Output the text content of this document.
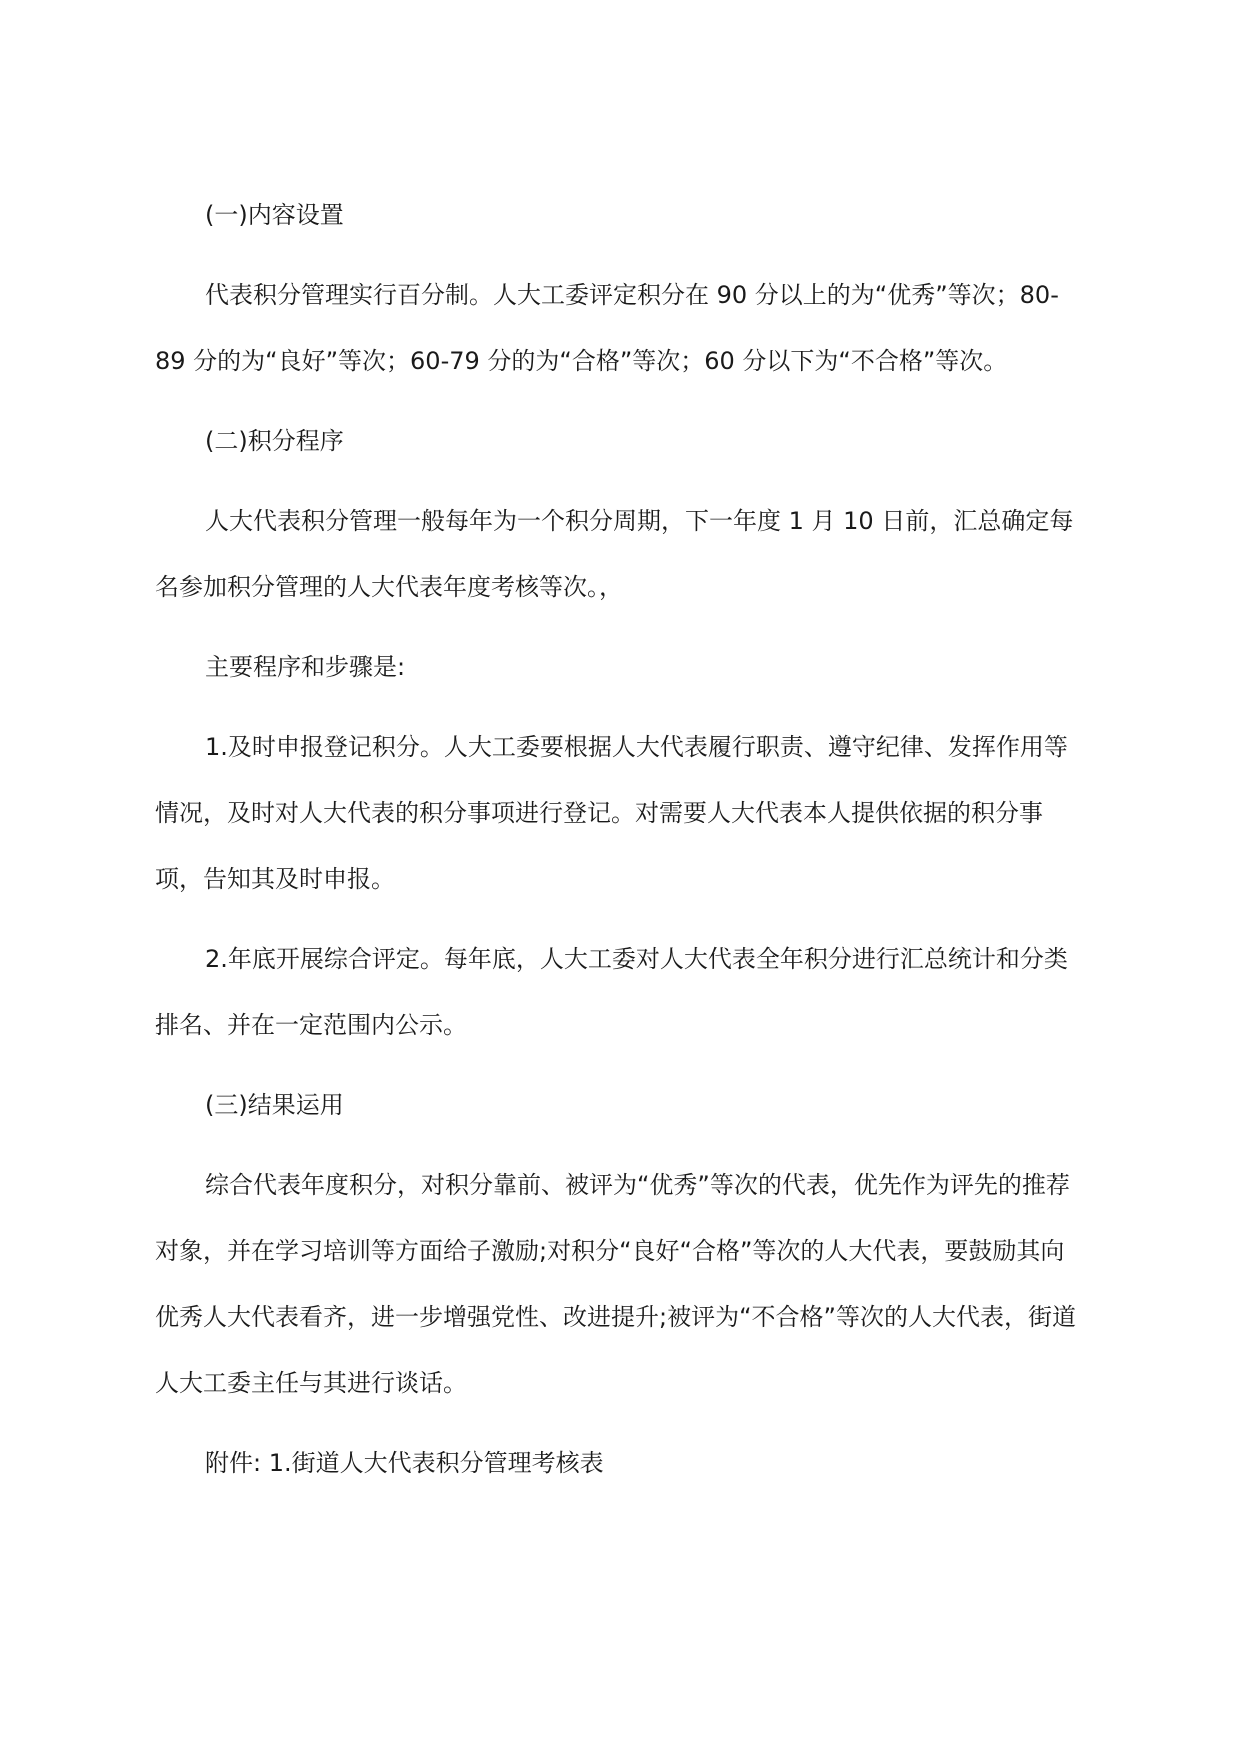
(一)内容设置

代表积分管理实行百分制。人大工委评定积分在 90 分以上的为“优秀”等次；80-89 分的为“良好”等次；60-79 分的为“合格”等次；60 分以下为“不合格”等次。

(二)积分程序

人大代表积分管理一般每年为一个积分周期，下一年度 1 月 10 日前，汇总确定每名参加积分管理的人大代表年度考核等次。，

主要程序和步骤是:

1.及时申报登记积分。人大工委要根据人大代表履行职责、遵守纪律、发挥作用等情况，及时对人大代表的积分事项进行登记。对需要人大代表本人提供依据的积分事项，告知其及时申报。

2.年底开展综合评定。每年底，人大工委对人大代表全年积分进行汇总统计和分类排名、并在一定范围内公示。

(三)结果运用

综合代表年度积分，对积分靠前、被评为“优秀”等次的代表，优先作为评先的推荐对象，并在学习培训等方面给子激励;对积分“良好“合格”等次的人大代表，要鼓励其向优秀人大代表看齐，进一步增强党性、改进提升;被评为“不合格”等次的人大代表，街道人大工委主任与其进行谈话。

附件: 1.街道人大代表积分管理考核表
